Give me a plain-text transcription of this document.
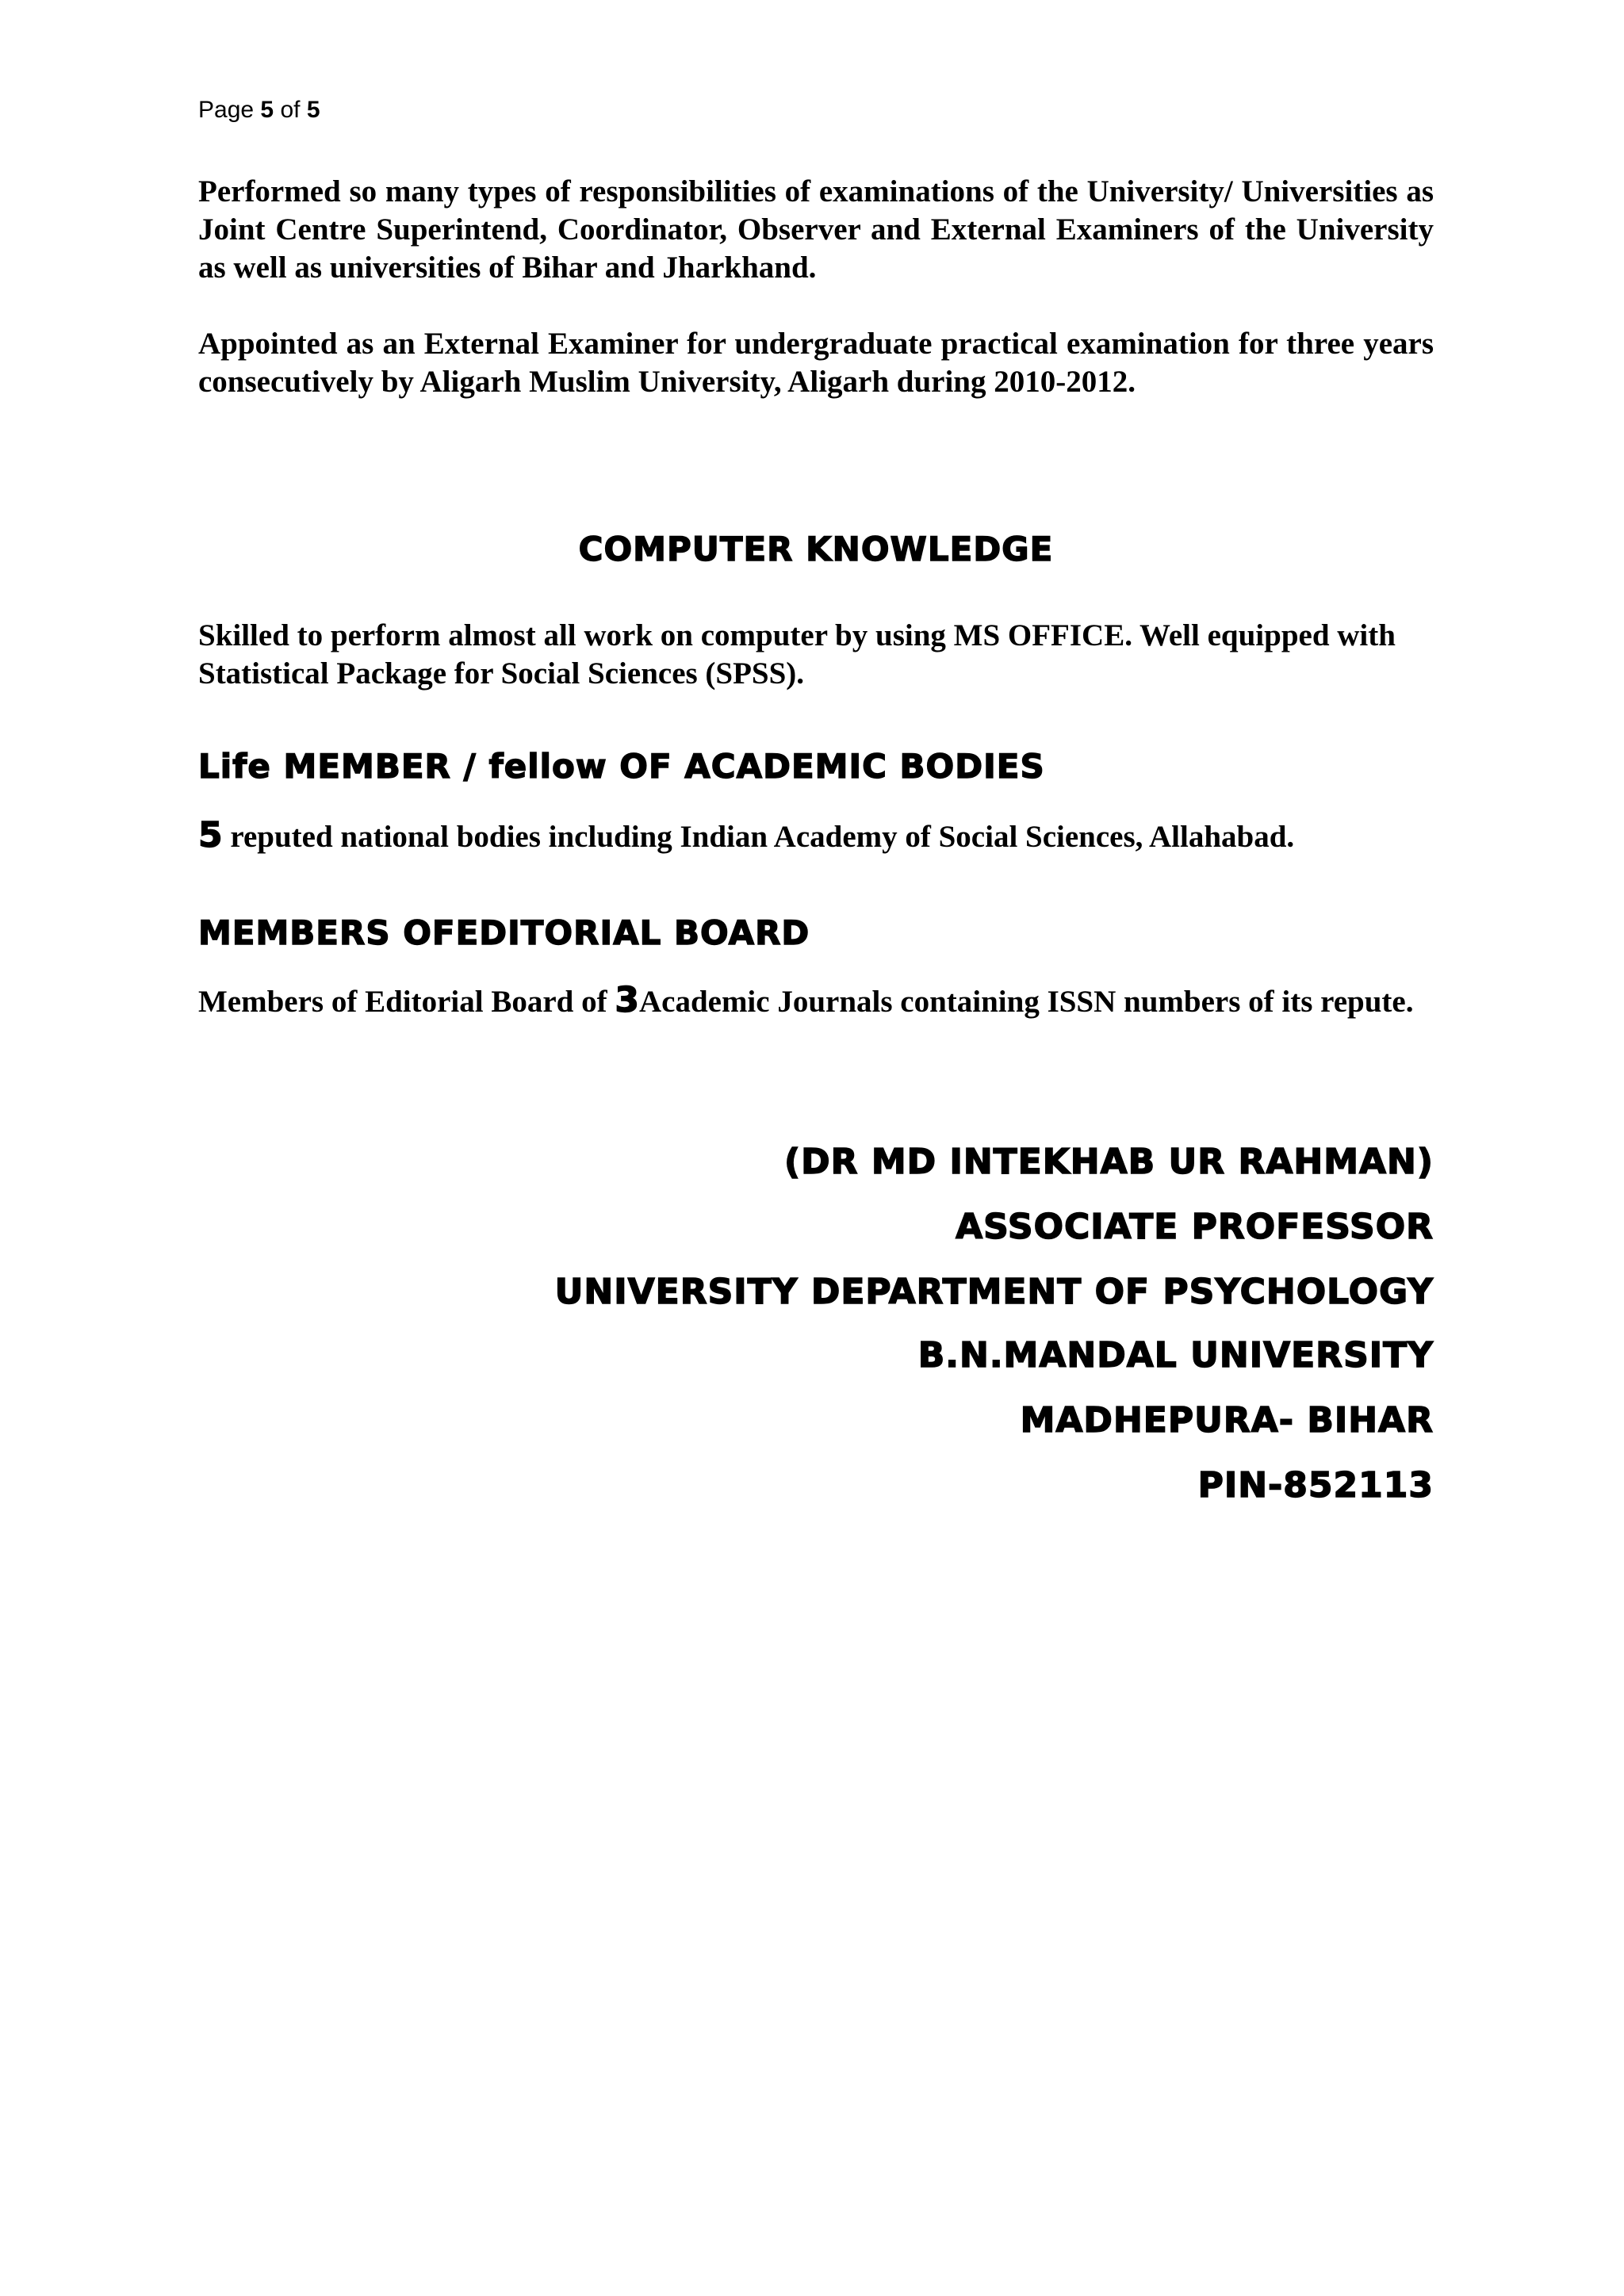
Page 5 of 5

Performed so many types of responsibilities of examinations of the University/ Universities as Joint Centre Superintend, Coordinator, Observer and External Examiners of the University as well as universities of Bihar and Jharkhand.

Appointed as an External Examiner for undergraduate practical examination for three years consecutively by Aligarh Muslim University, Aligarh during 2010-2012.

COMPUTER KNOWLEDGE

Skilled to perform almost all work on computer by using MS OFFICE. Well equipped with Statistical Package for Social Sciences (SPSS).

Life MEMBER / fellow OF ACADEMIC BODIES

5 reputed national bodies including Indian Academy of Social Sciences, Allahabad.

MEMBERS OFEDITORIAL BOARD

Members of Editorial Board of 3Academic Journals containing ISSN numbers of its repute.

(DR MD INTEKHAB UR RAHMAN)

ASSOCIATE PROFESSOR

UNIVERSITY DEPARTMENT OF PSYCHOLOGY

B.N.MANDAL UNIVERSITY

MADHEPURA- BIHAR

PIN-852113
